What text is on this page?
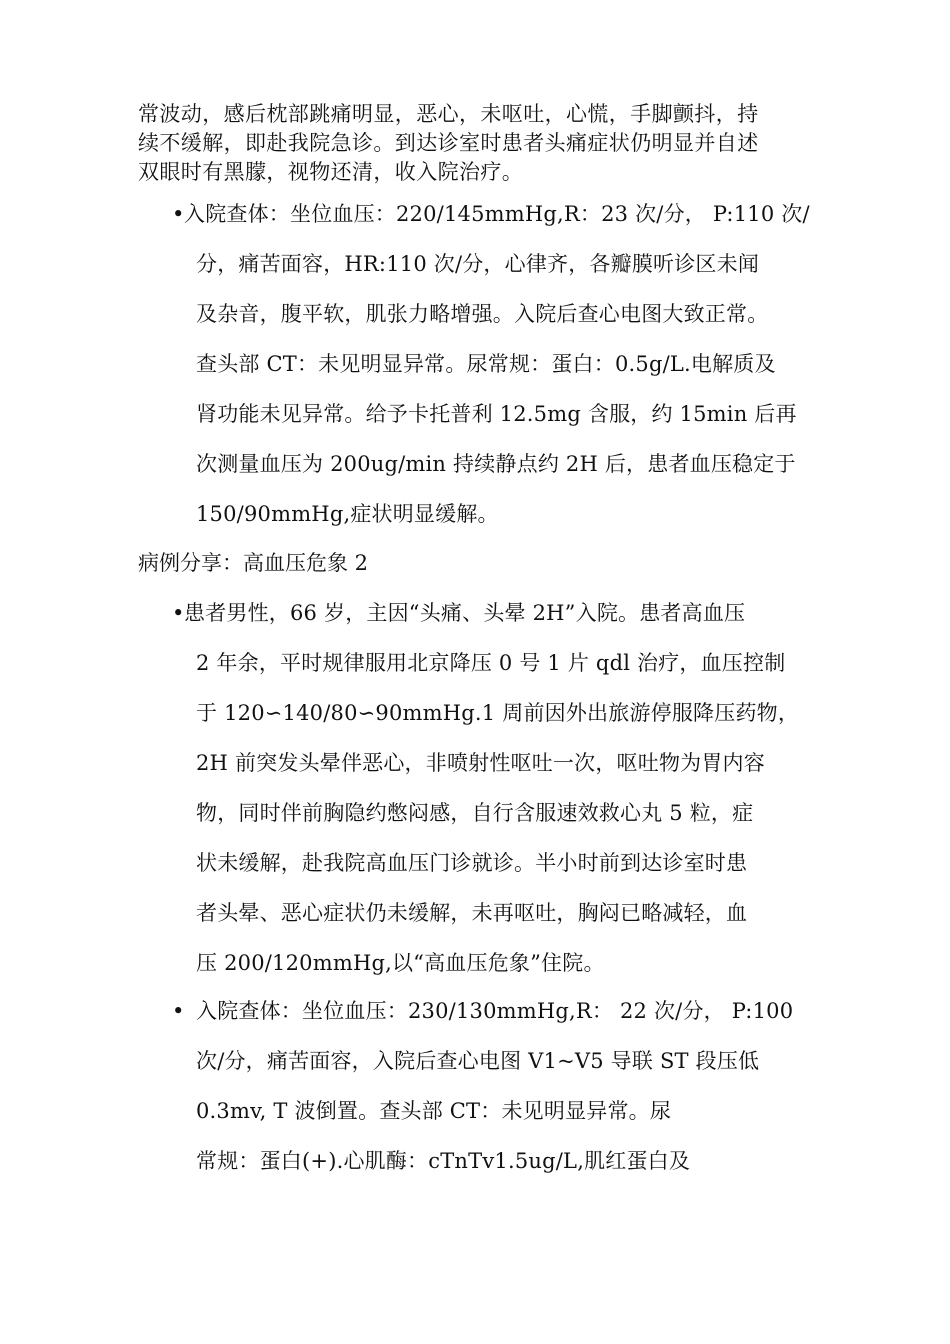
常波动，感后枕部跳痛明显，恶心，未呕吐，心慌，手脚颤抖，持
续不缓解，即赴我院急诊。到达诊室时患者头痛症状仍明显并自述
双眼时有黑朦，视物还清，收入院治疗。
• 入院查体：坐位血压：220/145mmHg,R：23 次/分， P:110 次/
分，痛苦面容，HR:110 次/分，心律齐，各瓣膜听诊区未闻
及杂音，腹平软，肌张力略增强。入院后查心电图大致正常。
查头部 CT：未见明显异常。尿常规：蛋白：0.5g/L.电解质及
肾功能未见异常。给予卡托普利 12.5mg 含服，约 15min 后再
次测量血压为 200ug/min 持续静点约 2H 后，患者血压稳定于
150/90mmHg,症状明显缓解。
病例分享：高血压危象 2
• 患者男性，66 岁，主因“头痛、头晕 2H”入院。患者高血压
2 年余，平时规律服用北京降压 0 号 1 片 qdl 治疗，血压控制
于 120∽140/80∽90mmHg.1 周前因外出旅游停服降压药物，
2H 前突发头晕伴恶心，非喷射性呕吐一次，呕吐物为胃内容
物，同时伴前胸隐约憋闷感，自行含服速效救心丸 5 粒，症
状未缓解，赴我院高血压门诊就诊。半小时前到达诊室时患
者头晕、恶心症状仍未缓解，未再呕吐，胸闷已略减轻，血
压 200/120mmHg,以“高血压危象”住院。
• 入院查体：坐位血压：230/130mmHg,R： 22 次/分， P:100
次/分，痛苦面容，入院后查心电图 V1~V5 导联 ST 段压低
0.3mv, T 波倒置。查头部 CT：未见明显异常。尿
常规：蛋白(+).心肌酶：cTnTv1.5ug/L,肌红蛋白及
